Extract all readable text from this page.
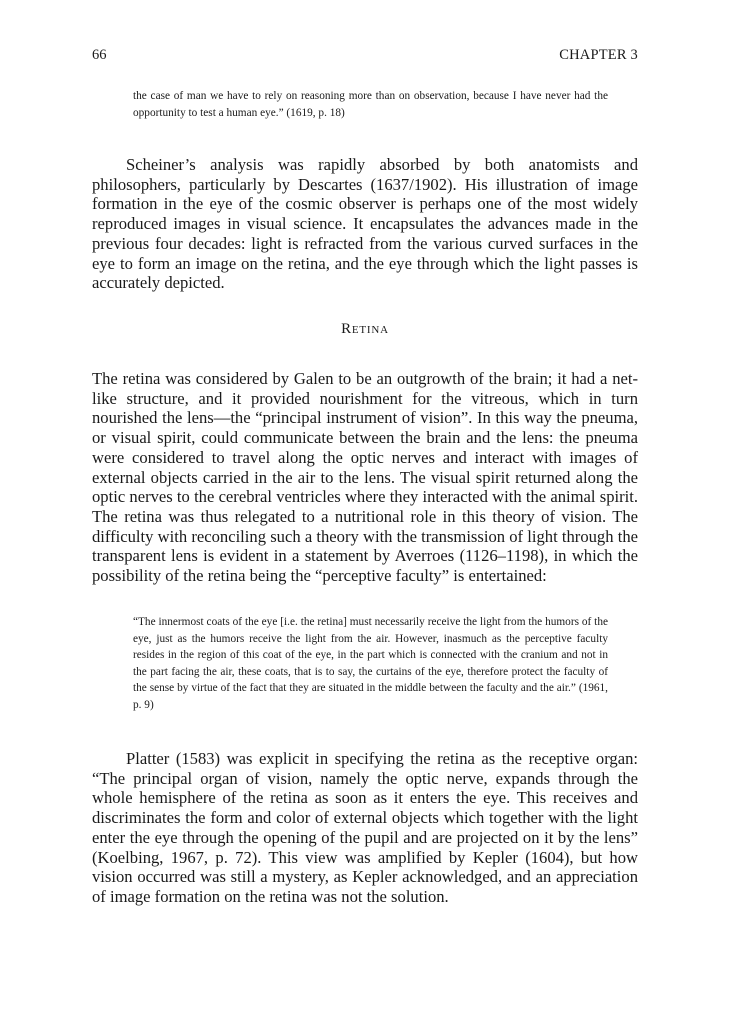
66	CHAPTER 3

the case of man we have to rely on reasoning more than on observation, because I have never had the opportunity to test a human eye.” (1619, p. 18)

Scheiner’s analysis was rapidly absorbed by both anatomists and philosophers, particularly by Descartes (1637/1902). His illustration of image formation in the eye of the cosmic observer is perhaps one of the most widely reproduced images in visual science. It encapsulates the advances made in the previous four decades: light is refracted from the various curved surfaces in the eye to form an image on the retina, and the eye through which the light passes is accurately depicted.

Retina

The retina was considered by Galen to be an outgrowth of the brain; it had a net-like structure, and it provided nourishment for the vitreous, which in turn nourished the lens—the “principal instrument of vision”. In this way the pneuma, or visual spirit, could communicate between the brain and the lens: the pneuma were considered to travel along the optic nerves and interact with images of external objects carried in the air to the lens. The visual spirit returned along the optic nerves to the cerebral ventricles where they interacted with the animal spirit. The retina was thus relegated to a nutritional role in this theory of vision. The difficulty with reconciling such a theory with the transmission of light through the transparent lens is evident in a statement by Averroes (1126–1198), in which the possibility of the retina being the “perceptive faculty” is entertained:

“The innermost coats of the eye [i.e. the retina] must necessarily receive the light from the humors of the eye, just as the humors receive the light from the air. However, inasmuch as the perceptive faculty resides in the region of this coat of the eye, in the part which is connected with the cranium and not in the part facing the air, these coats, that is to say, the curtains of the eye, therefore protect the faculty of the sense by virtue of the fact that they are situated in the middle between the faculty and the air.” (1961, p. 9)

Platter (1583) was explicit in specifying the retina as the receptive organ: “The principal organ of vision, namely the optic nerve, expands through the whole hemisphere of the retina as soon as it enters the eye. This receives and discriminates the form and color of external objects which together with the light enter the eye through the opening of the pupil and are projected on it by the lens” (Koelbing, 1967, p. 72). This view was amplified by Kepler (1604), but how vision occurred was still a mystery, as Kepler acknowledged, and an appreciation of image formation on the retina was not the solution.
